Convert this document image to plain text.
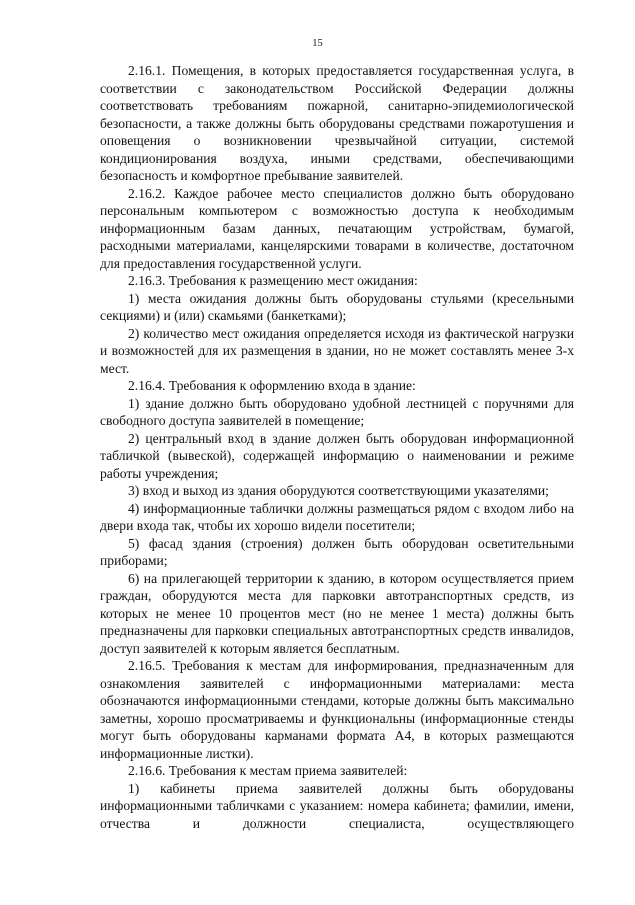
15

2.16.1. Помещения, в которых предоставляется государственная услуга, в соответствии с законодательством Российской Федерации должны соответствовать требованиям пожарной, санитарно-эпидемиологической безопасности, а также должны быть оборудованы средствами пожаротушения и оповещения о возникновении чрезвычайной ситуации, системой кондиционирования воздуха, иными средствами, обеспечивающими безопасность и комфортное пребывание заявителей.

2.16.2. Каждое рабочее место специалистов должно быть оборудовано персональным компьютером с возможностью доступа к необходимым информационным базам данных, печатающим устройствам, бумагой, расходными материалами, канцелярскими товарами в количестве, достаточном для предоставления государственной услуги.

2.16.3. Требования к размещению мест ожидания:

1) места ожидания должны быть оборудованы стульями (кресельными секциями) и (или) скамьями (банкетками);

2) количество мест ожидания определяется исходя из фактической нагрузки и возможностей для их размещения в здании, но не может составлять менее 3-х мест.

2.16.4. Требования к оформлению входа в здание:

1) здание должно быть оборудовано удобной лестницей с поручнями для свободного доступа заявителей в помещение;

2) центральный вход в здание должен быть оборудован информационной табличкой (вывеской), содержащей информацию о наименовании и режиме работы учреждения;

3) вход и выход из здания оборудуются соответствующими указателями;

4) информационные таблички должны размещаться рядом с входом либо на двери входа так, чтобы их хорошо видели посетители;

5) фасад здания (строения) должен быть оборудован осветительными приборами;

6) на прилегающей территории к зданию, в котором осуществляется прием граждан, оборудуются места для парковки автотранспортных средств, из которых не менее 10 процентов мест (но не менее 1 места) должны быть предназначены для парковки специальных автотранспортных средств инвалидов, доступ заявителей к которым является бесплатным.

2.16.5. Требования к местам для информирования, предназначенным для ознакомления заявителей с информационными материалами: места обозначаются информационными стендами, которые должны быть максимально заметны, хорошо просматриваемы и функциональны (информационные стенды могут быть оборудованы карманами формата А4, в которых размещаются информационные листки).

2.16.6. Требования к местам приема заявителей:

1) кабинеты приема заявителей должны быть оборудованы информационными табличками с указанием: номера кабинета; фамилии, имени, отчества и должности специалиста, осуществляющего
